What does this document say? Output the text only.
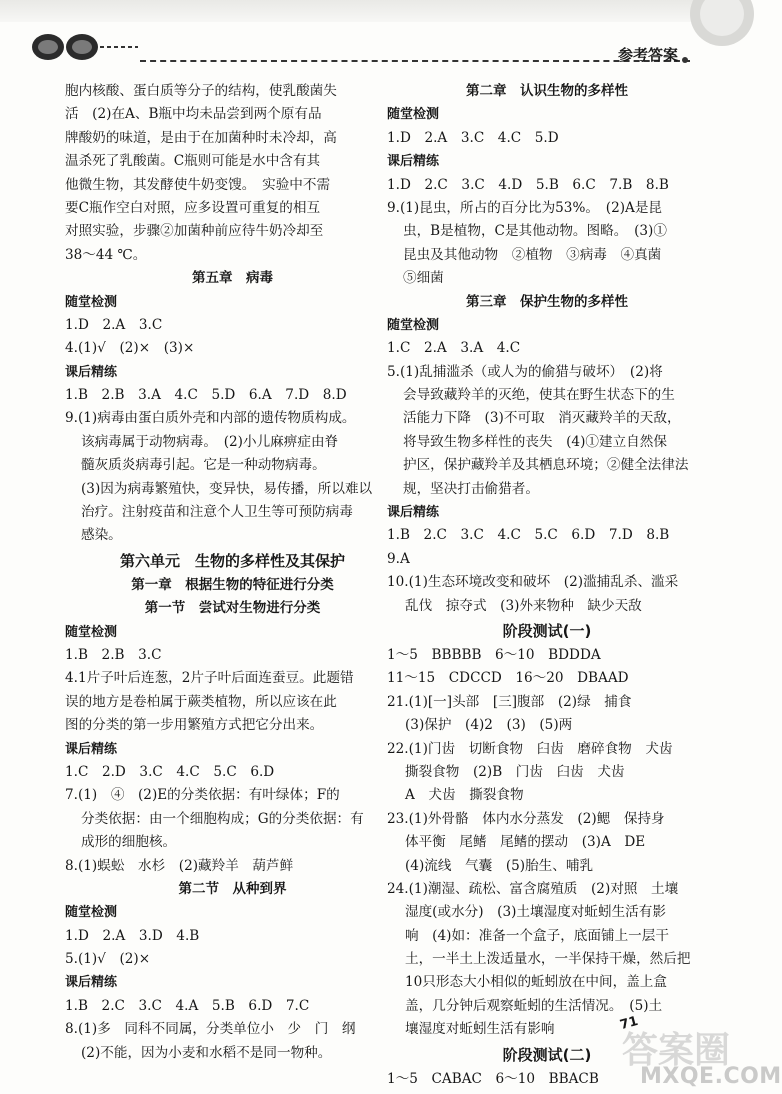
参考答案
胞内核酸、蛋白质等分子的结构，使乳酸菌失
活　(2)在A、B瓶中均未品尝到两个原有品
牌酸奶的味道，是由于在加菌种时未冷却，高
温杀死了乳酸菌。C瓶则可能是水中含有其
他微生物，其发酵使牛奶变馊。　实验中不需
要C瓶作空白对照，应多设置可重复的相互
对照实验，步骤②加菌种前应待牛奶冷却至
38～44 ℃。
第五章　病毒
随堂检测
1.D　2.A　3.C
4.(1)√　(2)×　(3)×
课后精练
1.B　2.B　3.A　4.C　5.D　6.A　7.D　8.D
9.(1)病毒由蛋白质外壳和内部的遗传物质构成。
该病毒属于动物病毒。　(2)小儿麻痹症由脊
髓灰质炎病毒引起。它是一种动物病毒。
(3)因为病毒繁殖快，变异快，易传播，所以难以
治疗。注射疫苗和注意个人卫生等可预防病毒
感染。
第六单元　生物的多样性及其保护
第一章　根据生物的特征进行分类
第一节　尝试对生物进行分类
随堂检测
1.B　2.B　3.C
4.1片子叶后连葱，2片子叶后面连蚕豆。此题错
误的地方是卷柏属于蕨类植物，所以应该在此
图的分类的第一步用繁殖方式把它分出来。
课后精练
1.C　2.D　3.C　4.C　5.C　6.D
7.(1)　④　(2)E的分类依据：有叶绿体；F的
分类依据：由一个细胞构成；G的分类依据：有
成形的细胞核。
8.(1)蜈蚣　水杉　(2)藏羚羊　葫芦鲜
第二节　从种到界
随堂检测
1.D　2.A　3.D　4.B
5.(1)√　(2)×
课后精练
1.B　2.C　3.C　4.A　5.B　6.D　7.C
8.(1)多　同科不同属，分类单位小　少　门　纲
(2)不能，因为小麦和水稻不是同一物种。
第二章　认识生物的多样性
随堂检测
1.D　2.A　3.C　4.C　5.D
课后精练
1.D　2.C　3.C　4.D　5.B　6.C　7.B　8.B
9.(1)昆虫，所占的百分比为53%。　(2)A是昆
虫，B是植物，C是其他动物。图略。　(3)①
昆虫及其他动物　②植物　③病毒　④真菌
⑤细菌
第三章　保护生物的多样性
随堂检测
1.C　2.A　3.A　4.C
5.(1)乱捕滥杀（或人为的偷猎与破坏）　(2)将
会导致藏羚羊的灭绝，使其在野生状态下的生
活能力下降　(3)不可取　消灭藏羚羊的天敌，
将导致生物多样性的丧失　(4)①建立自然保
护区，保护藏羚羊及其栖息环境；②健全法律法
规，坚决打击偷猎者。
课后精练
1.B　2.C　3.C　4.C　5.C　6.D　7.D　8.B
9.A
10.(1)生态环境改变和破坏　(2)滥捕乱杀、滥采
乱伐　掠夺式　(3)外来物种　缺少天敌
阶段测试(一)
1～5　BBBBB　6～10　BDDDA
11～15　CDCCD　16～20　DBAAD
21.(1)[一]头部　[三]腹部　(2)绿　捕食
(3)保护　(4)2　(3)　(5)两
22.(1)门齿　切断食物　臼齿　磨碎食物　犬齿
撕裂食物　(2)B　门齿　臼齿　犬齿
A　犬齿　撕裂食物
23.(1)外骨骼　体内水分蒸发　(2)鳃　保持身
体平衡　尾鳍　尾鳍的摆动　(3)A　DE
(4)流线　气囊　(5)胎生、哺乳
24.(1)潮湿、疏松、富含腐殖质　(2)对照　土壤
湿度(或水分)　(3)土壤湿度对蚯蚓生活有影
响　(4)如：准备一个盒子，底面铺上一层干
土，一半土上泼适量水，一半保持干燥，然后把
10只形态大小相似的蚯蚓放在中间，盖上盒
盖，几分钟后观察蚯蚓的生活情况。　(5)土
壤湿度对蚯蚓生活有影响
阶段测试(二)
1～5　CABAC　6～10　BBACB
71
答案圈
MXQE.COM
